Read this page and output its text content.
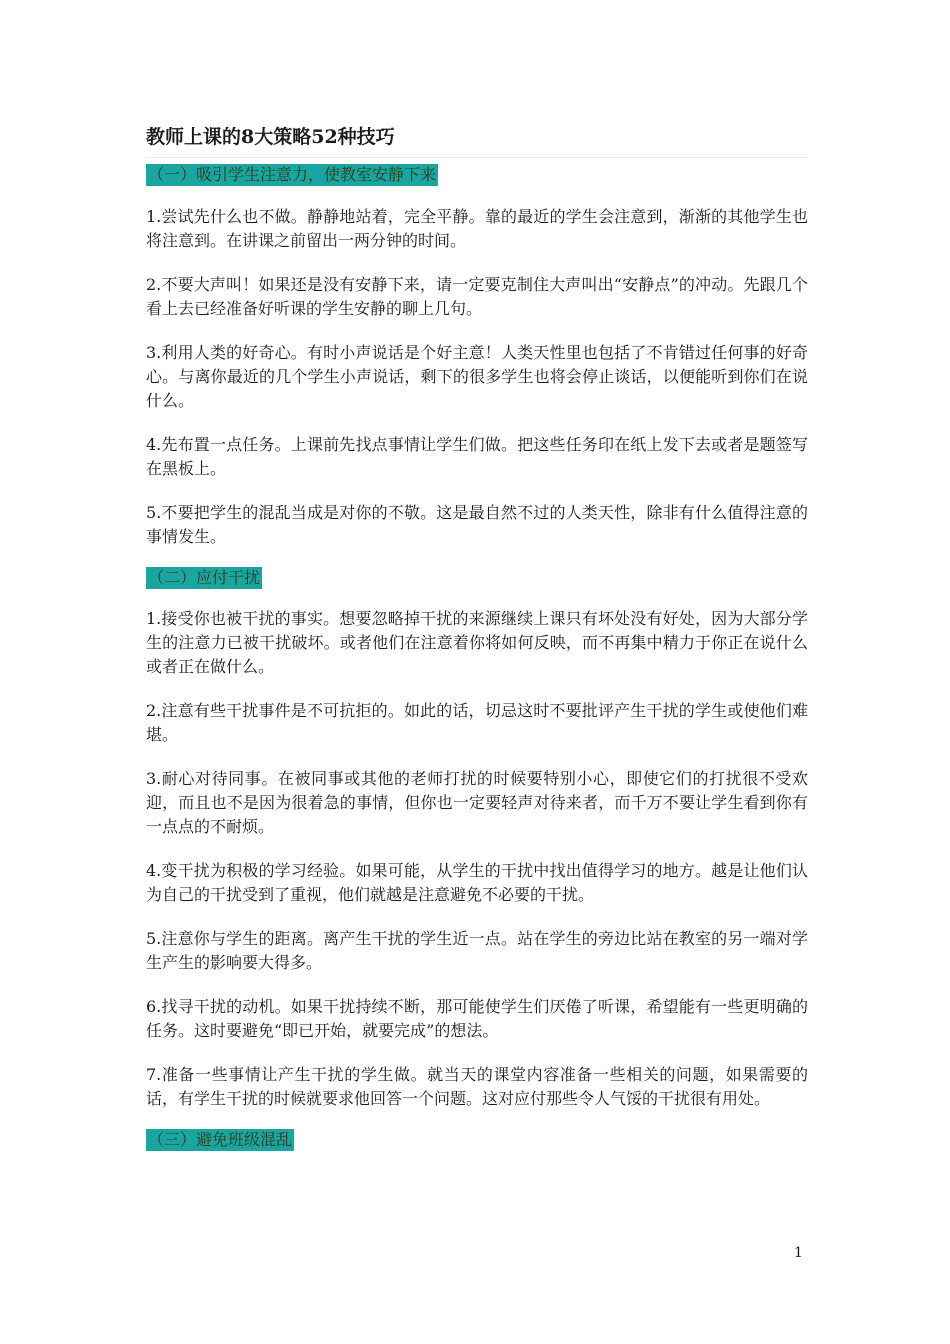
教师上课的8大策略52种技巧
（一）吸引学生注意力，使教室安静下来

1.尝试先什么也不做。静静地站着，完全平静。靠的最近的学生会注意到，渐渐的其他学生也将注意到。在讲课之前留出一两分钟的时间。

2.不要大声叫！如果还是没有安静下来，请一定要克制住大声叫出“安静点”的冲动。先跟几个看上去已经准备好听课的学生安静的聊上几句。

3.利用人类的好奇心。有时小声说话是个好主意！人类天性里也包括了不肯错过任何事的好奇心。与离你最近的几个学生小声说话，剩下的很多学生也将会停止谈话，以便能听到你们在说什么。

4.先布置一点任务。上课前先找点事情让学生们做。把这些任务印在纸上发下去或者是题签写在黑板上。

5.不要把学生的混乱当成是对你的不敬。这是最自然不过的人类天性，除非有什么值得注意的事情发生。

（二）应付干扰

1.接受你也被干扰的事实。想要忽略掉干扰的来源继续上课只有坏处没有好处，因为大部分学生的注意力已被干扰破坏。或者他们在注意着你将如何反映，而不再集中精力于你正在说什么或者正在做什么。

2.注意有些干扰事件是不可抗拒的。如此的话，切忌这时不要批评产生干扰的学生或使他们难堪。

3.耐心对待同事。在被同事或其他的老师打扰的时候要特别小心，即使它们的打扰很不受欢迎，而且也不是因为很着急的事情，但你也一定要轻声对待来者，而千万不要让学生看到你有一点点的不耐烦。

4.变干扰为积极的学习经验。如果可能，从学生的干扰中找出值得学习的地方。越是让他们认为自己的干扰受到了重视，他们就越是注意避免不必要的干扰。

5.注意你与学生的距离。离产生干扰的学生近一点。站在学生的旁边比站在教室的另一端对学生产生的影响要大得多。

6.找寻干扰的动机。如果干扰持续不断，那可能使学生们厌倦了听课，希望能有一些更明确的任务。这时要避免“即已开始，就要完成”的想法。

7.准备一些事情让产生干扰的学生做。就当天的课堂内容准备一些相关的问题，如果需要的话，有学生干扰的时候就要求他回答一个问题。这对应付那些令人气馁的干扰很有用处。

（三）避免班级混乱
1
